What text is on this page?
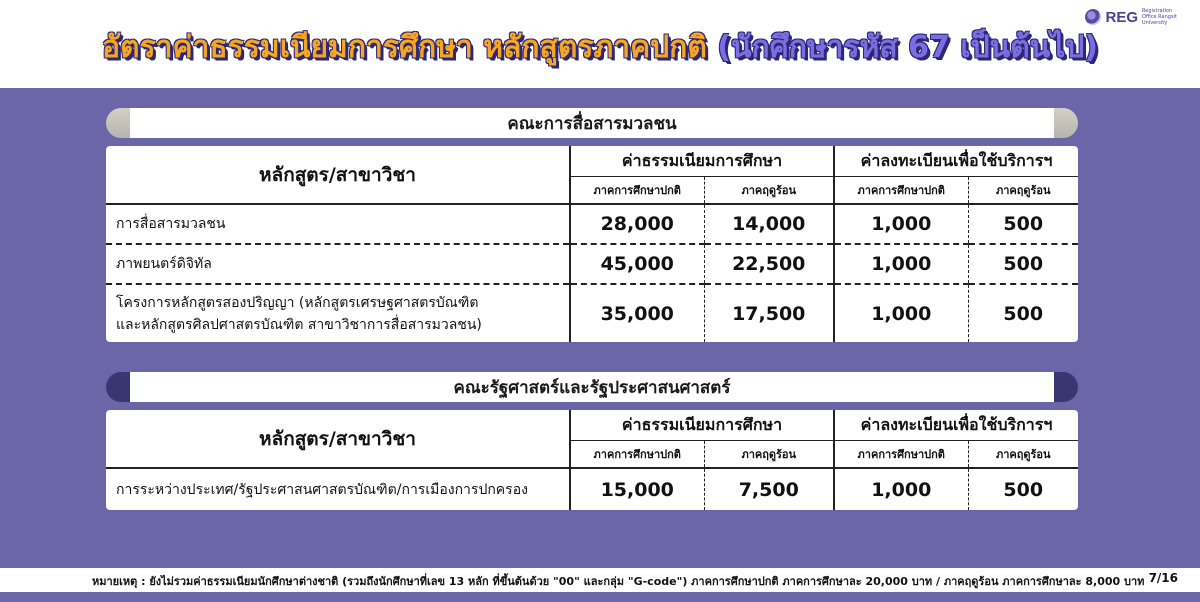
REG Registration Office Rangsit University
อัตราค่าธรรมเนียมการศึกษา หลักสูตรภาคปกติ (นักศึกษารหัส 67 เป็นต้นไป)
คณะการสื่อสารมวลชน
หลักสูตร/สาขาวิชา	ค่าธรรมเนียมการศึกษา		ค่าลงทะเบียนเพื่อใช้บริการฯ	
	ภาคการศึกษาปกติ	ภาคฤดูร้อน	ภาคการศึกษาปกติ	ภาคฤดูร้อน
การสื่อสารมวลชน	28,000	14,000	1,000	500
ภาพยนตร์ดิจิทัล	45,000	22,500	1,000	500

โครงการหลักสูตรสองปริญญา (หลักสูตรเศรษฐศาสตรบัณฑิต
และหลักสูตรศิลปศาสตรบัณฑิต สาขาวิชาการสื่อสารมวลชน)	35,000	17,500	1,000	500
คณะรัฐศาสตร์และรัฐประศาสนศาสตร์
หลักสูตร/สาขาวิชา	ค่าธรรมเนียมการศึกษา		ค่าลงทะเบียนเพื่อใช้บริการฯ	
	ภาคการศึกษาปกติ	ภาคฤดูร้อน	ภาคการศึกษาปกติ	ภาคฤดูร้อน
การระหว่างประเทศ/รัฐประศาสนศาสตรบัณฑิต/การเมืองการปกครอง	15,000	7,500	1,000	500
หมายเหตุ : ยังไม่รวมค่าธรรมเนียมนักศึกษาต่างชาติ (รวมถึงนักศึกษาที่เลข 13 หลัก ที่ขึ้นต้นด้วย "00" และกลุ่ม "G-code") ภาคการศึกษาปกติ ภาคการศึกษาละ 20,000 บาท / ภาคฤดูร้อน ภาคการศึกษาละ 8,000 บาท 7/16
